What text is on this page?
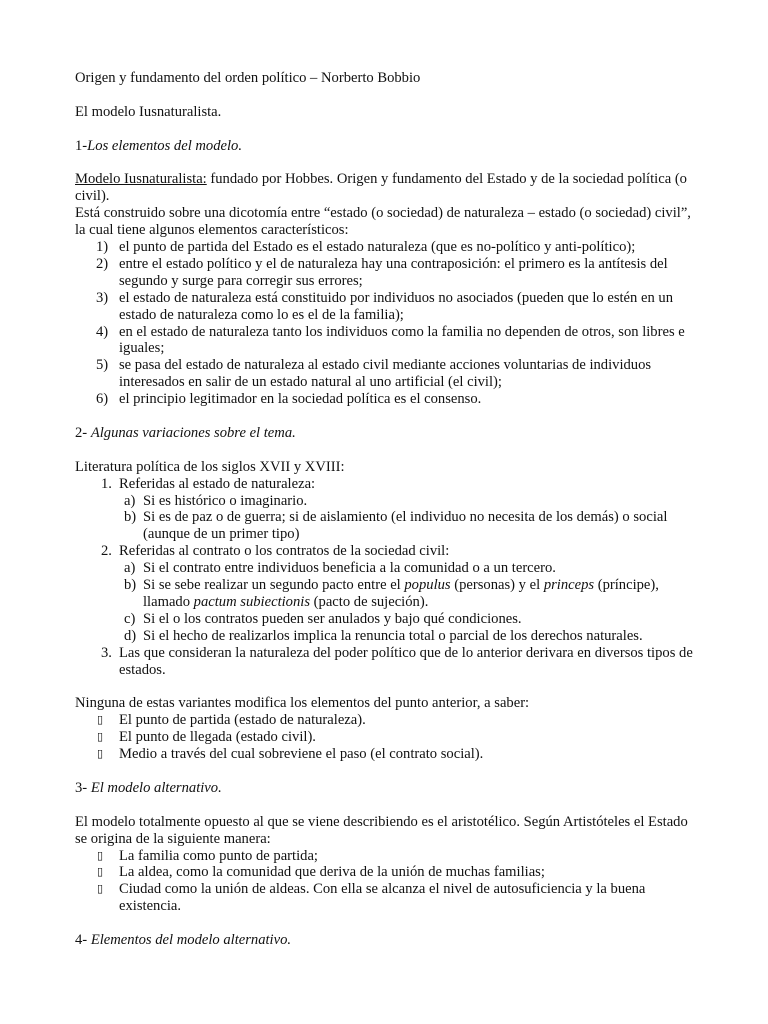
Origen y fundamento del orden político – Norberto Bobbio

El modelo Iusnaturalista.

1-Los elementos del modelo.

Modelo Iusnaturalista: fundado por Hobbes. Origen y fundamento del Estado y de la sociedad política (o civil).

Está construido sobre una dicotomía entre “estado (o sociedad) de naturaleza – estado (o sociedad) civil”, la cual tiene algunos elementos característicos:

1) el punto de partida del Estado es el estado naturaleza (que es no-político y anti-político);
2) entre el estado político y el de naturaleza hay una contraposición: el primero es la antítesis del segundo y surge para corregir sus errores;
3) el estado de naturaleza está constituido por individuos no asociados (pueden que lo estén en un estado de naturaleza como lo es el de la familia);
4) en el estado de naturaleza tanto los individuos como la familia no dependen de otros, son libres e iguales;
5) se pasa del estado de naturaleza al estado civil mediante acciones voluntarias de individuos interesados en salir de un estado natural al uno artificial (el civil);
6) el principio legitimador en la sociedad política es el consenso.

2- Algunas variaciones sobre el tema.

Literatura política de los siglos XVII y XVIII:

1. Referidas al estado de naturaleza:
a) Si es histórico o imaginario.
b) Si es de paz o de guerra; si de aislamiento (el individuo no necesita de los demás) o social (aunque de un primer tipo)
2. Referidas al contrato o los contratos de la sociedad civil:
a) Si el contrato entre individuos beneficia a la comunidad o a un tercero.
b) Si se sebe realizar un segundo pacto entre el populus (personas) y el princeps (príncipe), llamado pactum subiectionis (pacto de sujeción).
c) Si el o los contratos pueden ser anulados y bajo qué condiciones.
d) Si el hecho de realizarlos implica la renuncia total o parcial de los derechos naturales.
3. Las que consideran la naturaleza del poder político que de lo anterior derivara en diversos tipos de estados.

Ninguna de estas variantes modifica los elementos del punto anterior, a saber:

▯ El punto de partida (estado de naturaleza).
▯ El punto de llegada (estado civil).
▯ Medio a través del cual sobreviene el paso (el contrato social).

3- El modelo alternativo.

El modelo totalmente opuesto al que se viene describiendo es el aristotélico. Según Artistóteles el Estado se origina de la siguiente manera:

▯ La familia como punto de partida;
▯ La aldea, como la comunidad que deriva de la unión de muchas familias;
▯ Ciudad como la unión de aldeas. Con ella se alcanza el nivel de autosuficiencia y la buena existencia.

4- Elementos del modelo alternativo.
